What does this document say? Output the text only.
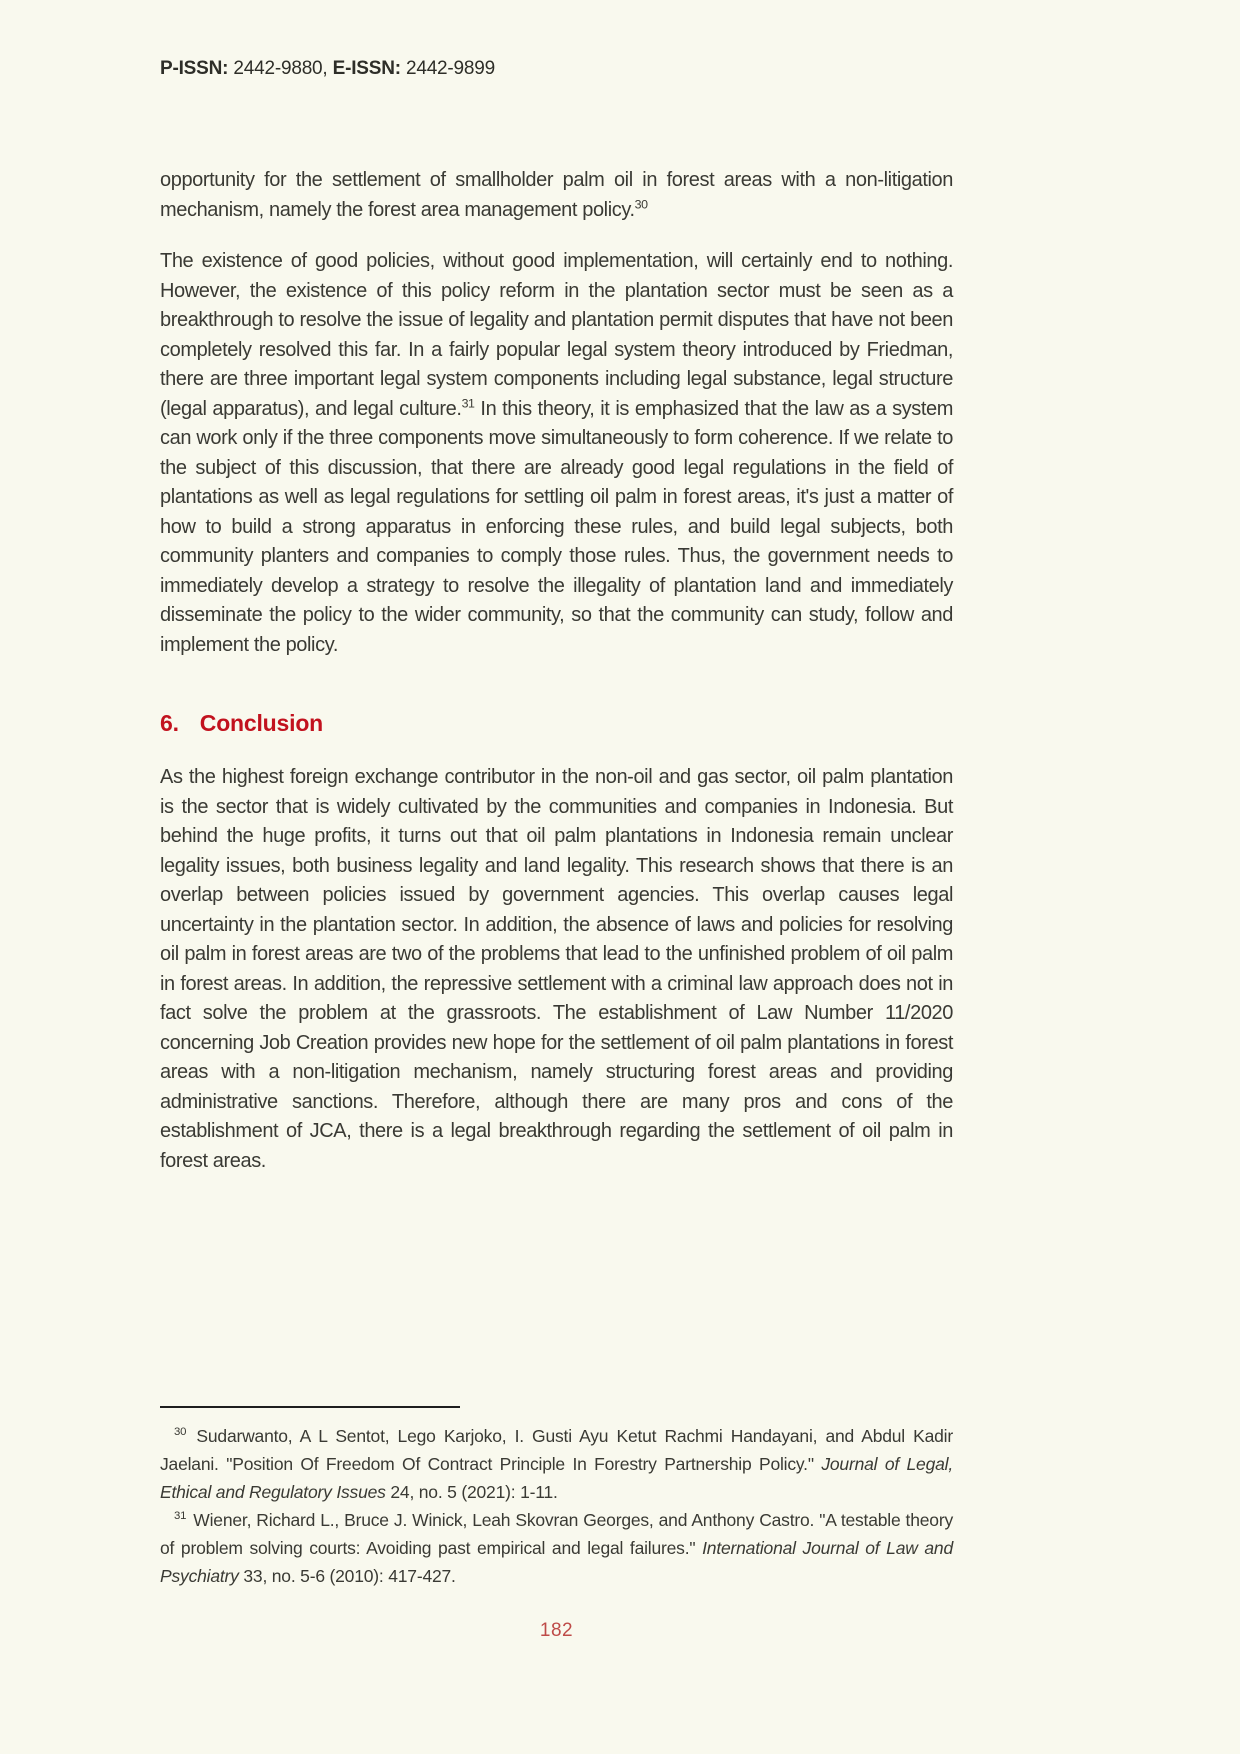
P-ISSN: 2442-9880, E-ISSN: 2442-9899

opportunity for the settlement of smallholder palm oil in forest areas with a non-litigation mechanism, namely the forest area management policy.$^{30}$

The existence of good policies, without good implementation, will certainly end to nothing. However, the existence of this policy reform in the plantation sector must be seen as a breakthrough to resolve the issue of legality and plantation permit disputes that have not been completely resolved this far. In a fairly popular legal system theory introduced by Friedman, there are three important legal system components including legal substance, legal structure (legal apparatus), and legal culture.$^{31}$ In this theory, it is emphasized that the law as a system can work only if the three components move simultaneously to form coherence. If we relate to the subject of this discussion, that there are already good legal regulations in the field of plantations as well as legal regulations for settling oil palm in forest areas, it's just a matter of how to build a strong apparatus in enforcing these rules, and build legal subjects, both community planters and companies to comply those rules. Thus, the government needs to immediately develop a strategy to resolve the illegality of plantation land and immediately disseminate the policy to the wider community, so that the community can study, follow and implement the policy.

6. Conclusion

As the highest foreign exchange contributor in the non-oil and gas sector, oil palm plantation is the sector that is widely cultivated by the communities and companies in Indonesia. But behind the huge profits, it turns out that oil palm plantations in Indonesia remain unclear legality issues, both business legality and land legality. This research shows that there is an overlap between policies issued by government agencies. This overlap causes legal uncertainty in the plantation sector. In addition, the absence of laws and policies for resolving oil palm in forest areas are two of the problems that lead to the unfinished problem of oil palm in forest areas. In addition, the repressive settlement with a criminal law approach does not in fact solve the problem at the grassroots. The establishment of Law Number 11/2020 concerning Job Creation provides new hope for the settlement of oil palm plantations in forest areas with a non-litigation mechanism, namely structuring forest areas and providing administrative sanctions. Therefore, although there are many pros and cons of the establishment of JCA, there is a legal breakthrough regarding the settlement of oil palm in forest areas.

$^{30}$ Sudarwanto, A L Sentot, Lego Karjoko, I. Gusti Ayu Ketut Rachmi Handayani, and Abdul Kadir Jaelani. "Position Of Freedom Of Contract Principle In Forestry Partnership Policy." Journal of Legal, Ethical and Regulatory Issues 24, no. 5 (2021): 1-11.

$^{31}$ Wiener, Richard L., Bruce J. Winick, Leah Skovran Georges, and Anthony Castro. "A testable theory of problem solving courts: Avoiding past empirical and legal failures." International Journal of Law and Psychiatry 33, no. 5-6 (2010): 417-427.

182
